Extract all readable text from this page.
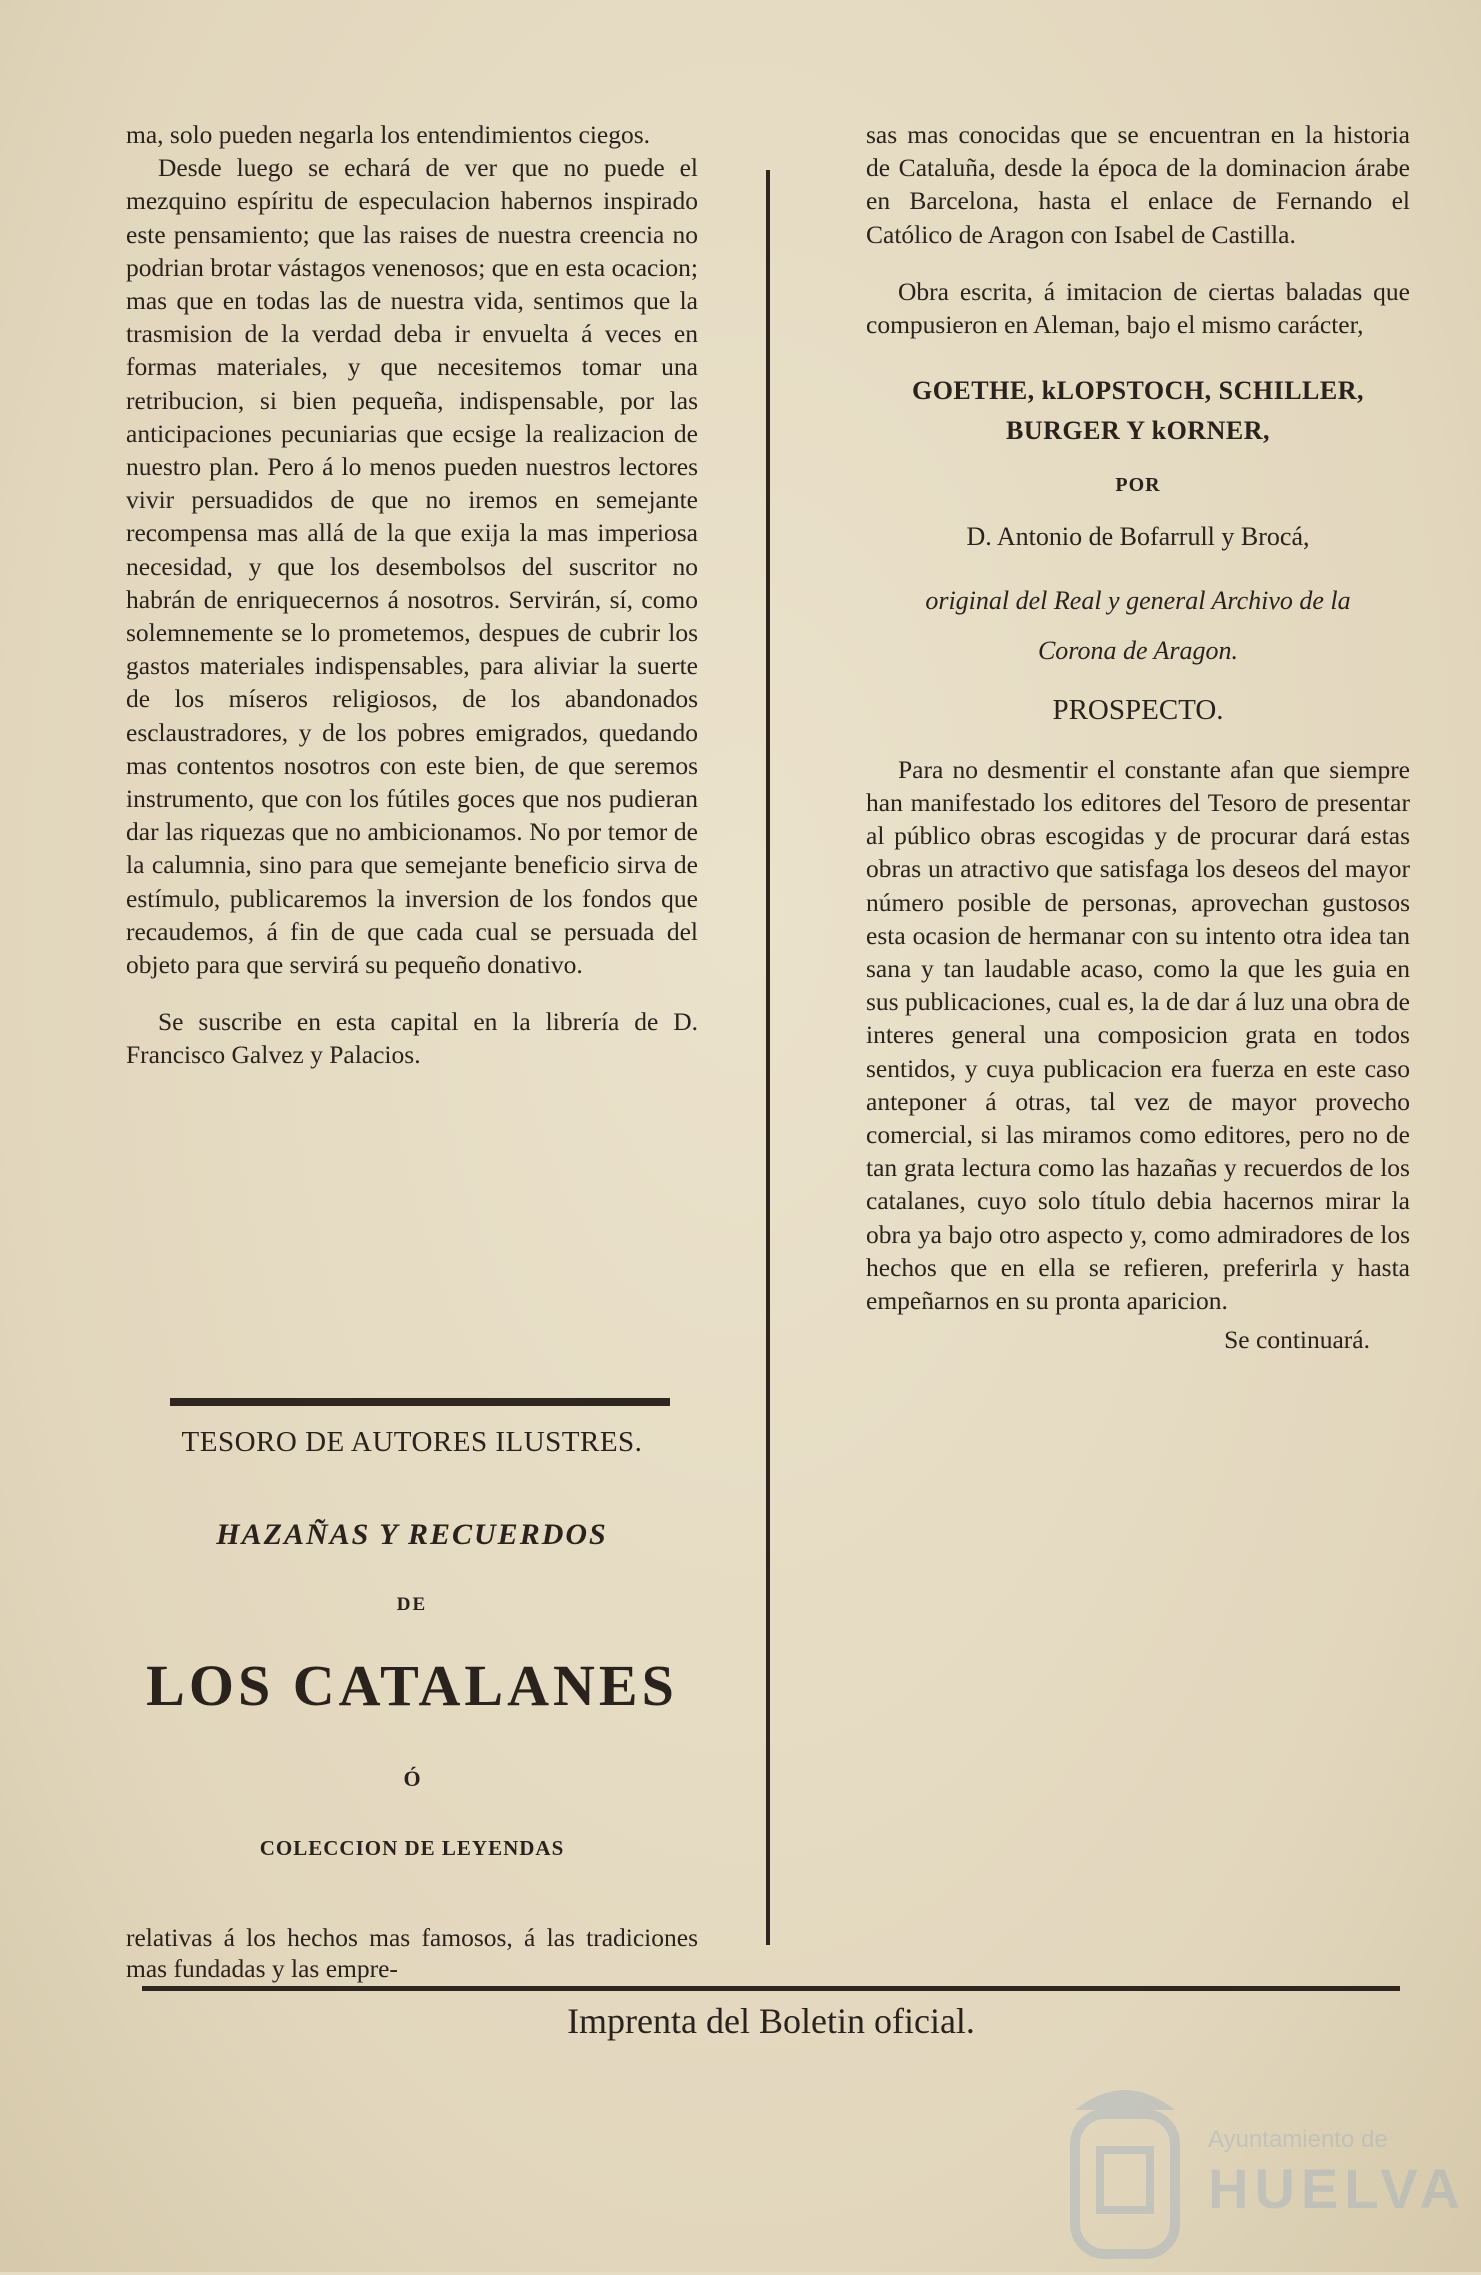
ma, solo pueden negarla los entendimientos ciegos.

Desde luego se echará de ver que no puede el mezquino espíritu de especulacion habernos inspirado este pensamiento; que las raises de nuestra creencia no podrian brotar vástagos venenosos; que en esta ocacion; mas que en todas las de nuestra vida, sentimos que la trasmision de la verdad deba ir envuelta á veces en formas materiales, y que necesitemos tomar una retribucion, si bien pequeña, indispensable, por las anticipaciones pecuniarias que ecsige la realizacion de nuestro plan. Pero á lo menos pueden nuestros lectores vivir persuadidos de que no iremos en semejante recompensa mas allá de la que exija la mas imperiosa necesidad, y que los desembolsos del suscritor no habrán de enriquecernos á nosotros. Servirán, sí, como solemnemente se lo prometemos, despues de cubrir los gastos materiales indispensables, para aliviar la suerte de los míseros religiosos, de los abandonados esclaustradores, y de los pobres emigrados, quedando mas contentos nosotros con este bien, de que seremos instrumento, que con los fútiles goces que nos pudieran dar las riquezas que no ambicionamos. No por temor de la calumnia, sino para que semejante beneficio sirva de estímulo, publicaremos la inversion de los fondos que recaudemos, á fin de que cada cual se persuada del objeto para que servirá su pequeño donativo.

Se suscribe en esta capital en la librería de D. Francisco Galvez y Palacios.

TESORO DE AUTORES ILUSTRES.
HAZAÑAS Y RECUERDOS
DE
LOS CATALANES
Ó
COLECCION DE LEYENDAS
relativas á los hechos mas famosos, á las tradiciones mas fundadas y las empre-

sas mas conocidas que se encuentran en la historia de Cataluña, desde la época de la dominacion árabe en Barcelona, hasta el enlace de Fernando el Católico de Aragon con Isabel de Castilla.

Obra escrita, á imitacion de ciertas baladas que compusieron en Aleman, bajo el mismo carácter,

GOETHE, kLOPSTOCH, SCHILLER,
BURGER Y kORNER,
POR
D. Antonio de Bofarrull y Brocá,
original del Real y general Archivo de la
Corona de Aragon.
PROSPECTO.

Para no desmentir el constante afan que siempre han manifestado los editores del Tesoro de presentar al público obras escogidas y de procurar dará estas obras un atractivo que satisfaga los deseos del mayor número posible de personas, aprovechan gustosos esta ocasion de hermanar con su intento otra idea tan sana y tan laudable acaso, como la que les guia en sus publicaciones, cual es, la de dar á luz una obra de interes general una composicion grata en todos sentidos, y cuya publicacion era fuerza en este caso anteponer á otras, tal vez de mayor provecho comercial, si las miramos como editores, pero no de tan grata lectura como las hazañas y recuerdos de los catalanes, cuyo solo título debia hacernos mirar la obra ya bajo otro aspecto y, como admiradores de los hechos que en ella se refieren, preferirla y hasta empeñarnos en su pronta aparicion.

Se continuará.
Imprenta del Boletin oficial.
Ayuntamiento de
HUELVA
